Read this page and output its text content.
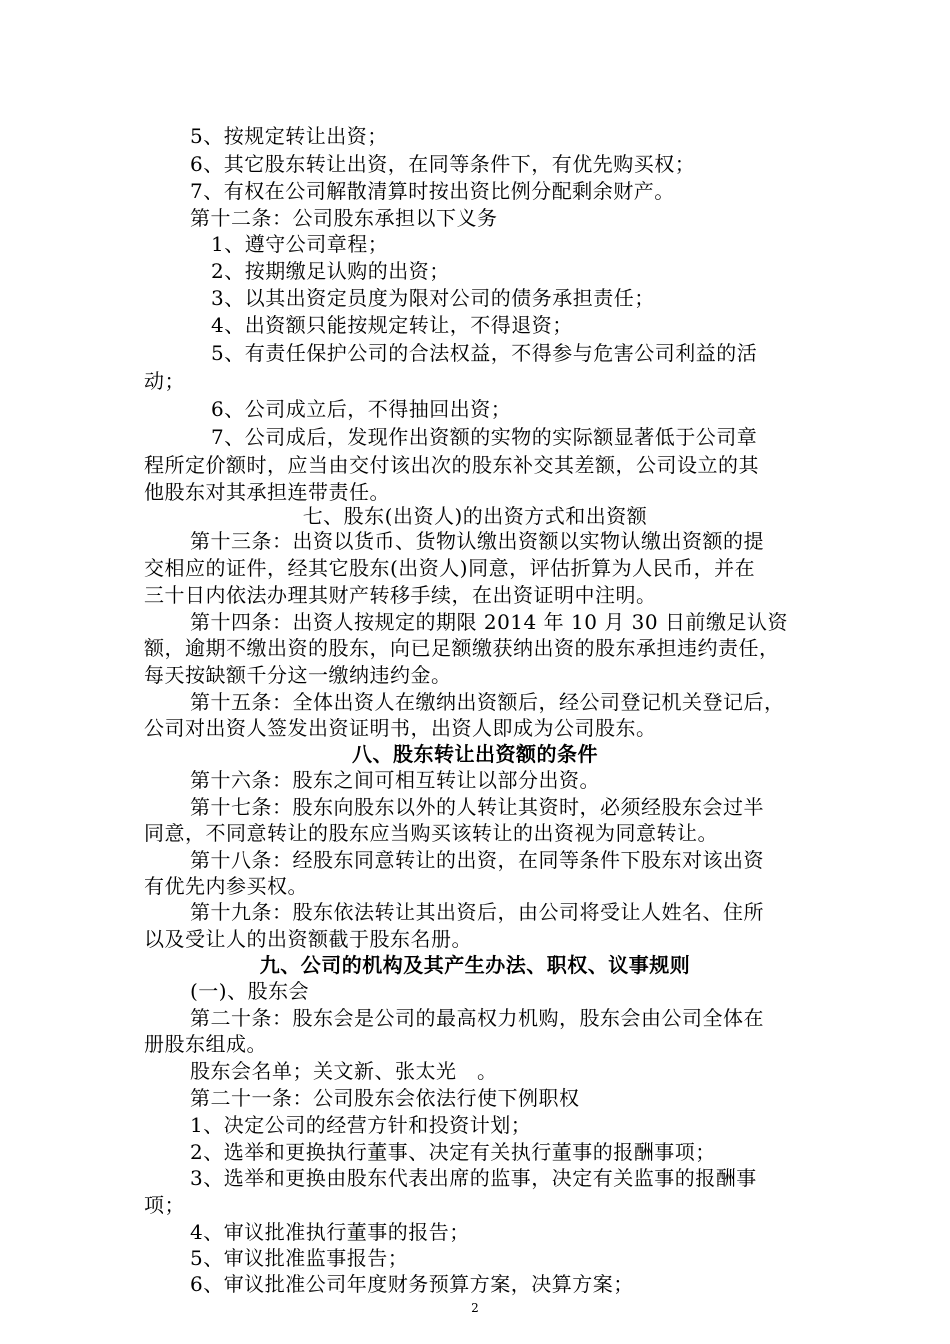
5、按规定转让出资；
6、其它股东转让出资，在同等条件下，有优先购买权；
7、有权在公司解散清算时按出资比例分配剩余财产。
第十二条：公司股东承担以下义务
1、遵守公司章程；
2、按期缴足认购的出资；
3、以其出资定员度为限对公司的债务承担责任；
4、出资额只能按规定转让，不得退资；
5、有责任保护公司的合法权益，不得参与危害公司利益的活
动；
6、公司成立后，不得抽回出资；
7、公司成后，发现作出资额的实物的实际额显著低于公司章
程所定价额时，应当由交付该出次的股东补交其差额，公司设立的其
他股东对其承担连带责任。
七、股东(出资人)的出资方式和出资额
第十三条：出资以货币、货物认缴出资额以实物认缴出资额的提
交相应的证件，经其它股东(出资人)同意，评估折算为人民币，并在
三十日内依法办理其财产转移手续，在出资证明中注明。
第十四条：出资人按规定的期限 2014 年 10 月 30 日前缴足认资
额，逾期不缴出资的股东，向已足额缴获纳出资的股东承担违约责任，
每天按缺额千分这一缴纳违约金。
第十五条：全体出资人在缴纳出资额后，经公司登记机关登记后，
公司对出资人签发出资证明书，出资人即成为公司股东。
八、股东转让出资额的条件
第十六条：股东之间可相互转让以部分出资。
第十七条：股东向股东以外的人转让其资时，必须经股东会过半
同意，不同意转让的股东应当购买该转让的出资视为同意转让。
第十八条：经股东同意转让的出资，在同等条件下股东对该出资
有优先内参买权。
第十九条：股东依法转让其出资后，由公司将受让人姓名、住所
以及受让人的出资额截于股东名册。
九、公司的机构及其产生办法、职权、议事规则
(一)、股东会
第二十条：股东会是公司的最高权力机购，股东会由公司全体在
册股东组成。
股东会名单；关文新、张太光　。
第二十一条：公司股东会依法行使下例职权
1、决定公司的经营方针和投资计划；
2、选举和更换执行董事、决定有关执行董事的报酬事项；
3、选举和更换由股东代表出席的监事，决定有关监事的报酬事
项；
4、审议批准执行董事的报告；
5、审议批准监事报告；
6、审议批准公司年度财务预算方案，决算方案；
2
